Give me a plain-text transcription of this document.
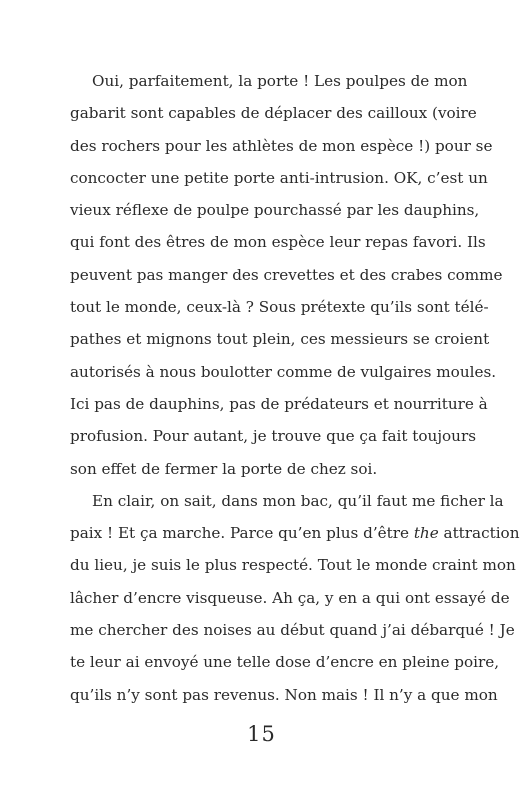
Oui, parfaitement, la porte ! Les poulpes de mon
gabarit sont capables de déplacer des cailloux (voire
des rochers pour les athlètes de mon espèce !) pour se
concocter une petite porte anti-intrusion. OK, c’est un
vieux réflexe de poulpe pourchassé par les dauphins,
qui font des êtres de mon espèce leur repas favori. Ils
peuvent pas manger des crevettes et des crabes comme
tout le monde, ceux-là ? Sous prétexte qu’ils sont télé-
pathes et mignons tout plein, ces messieurs se croient
autorisés à nous boulotter comme de vulgaires moules.
Ici pas de dauphins, pas de prédateurs et nourriture à
profusion. Pour autant, je trouve que ça fait toujours
son effet de fermer la porte de chez soi.
En clair, on sait, dans mon bac, qu’il faut me ficher la
paix ! Et ça marche. Parce qu’en plus d’être the attraction
du lieu, je suis le plus respecté. Tout le monde craint mon
lâcher d’encre visqueuse. Ah ça, y en a qui ont essayé de
me chercher des noises au début quand j’ai débarqué ! Je
te leur ai envoyé une telle dose d’encre en pleine poire,
qu’ils n’y sont pas revenus. Non mais ! Il n’y a que mon
15
